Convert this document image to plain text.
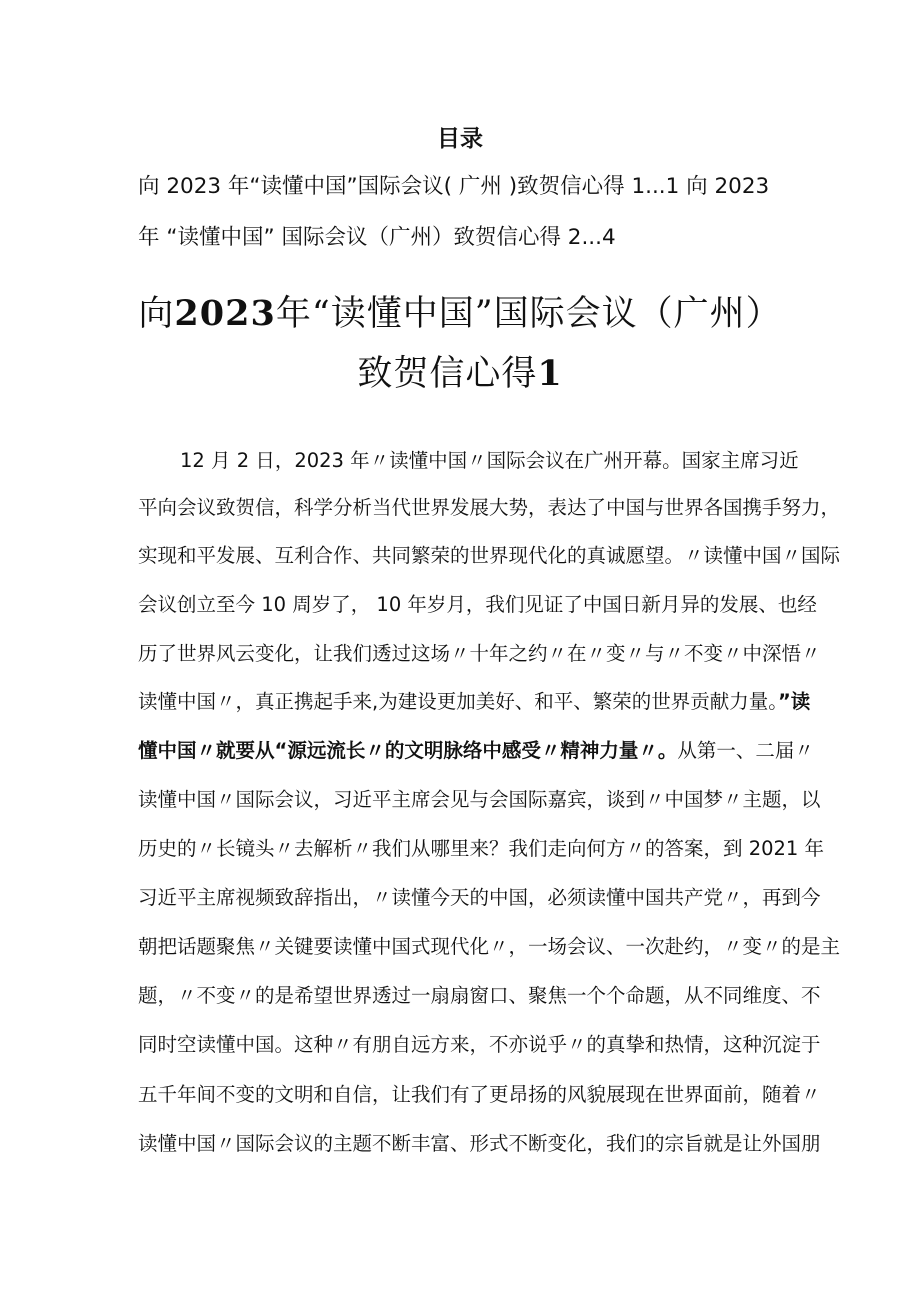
目录
向 2023 年“读懂中国”国际会议( 广州 )致贺信心得 1...1 向 2023
年 “读懂中国” 国际会议（广州）致贺信心得 2...4
向2023年“读懂中国”国际会议（广州）
致贺信心得1
12 月 2 日，2023 年〃读懂中国〃国际会议在广州开幕。国家主席习近
平向会议致贺信，科学分析当代世界发展大势，表达了中国与世界各国携手努力，
实现和平发展、互利合作、共同繁荣的世界现代化的真诚愿望。〃读懂中国〃国际
会议创立至今 10 周岁了， 10 年岁月，我们见证了中国日新月异的发展、也经
历了世界风云变化，让我们透过这场〃十年之约〃在〃变〃与〃不变〃中深悟〃
读懂中国〃，真正携起手来,为建设更加美好、和平、繁荣的世界贡献力量。”读
懂中国〃就要从“源远流长〃的文明脉络中感受〃精神力量〃。从第一、二届〃
读懂中国〃国际会议，习近平主席会见与会国际嘉宾，谈到〃中国梦〃主题，以
历史的〃长镜头〃去解析〃我们从哪里来？我们走向何方〃的答案，到 2021 年
习近平主席视频致辞指出，〃读懂今天的中国，必须读懂中国共产党〃，再到今
朝把话题聚焦〃关键要读懂中国式现代化〃，一场会议、一次赴约，〃变〃的是主
题，〃不变〃的是希望世界透过一扇扇窗口、聚焦一个个命题，从不同维度、不
同时空读懂中国。这种〃有朋自远方来，不亦说乎〃的真挚和热情，这种沉淀于
五千年间不变的文明和自信，让我们有了更昂扬的风貌展现在世界面前，随着〃
读懂中国〃国际会议的主题不断丰富、形式不断变化，我们的宗旨就是让外国朋
